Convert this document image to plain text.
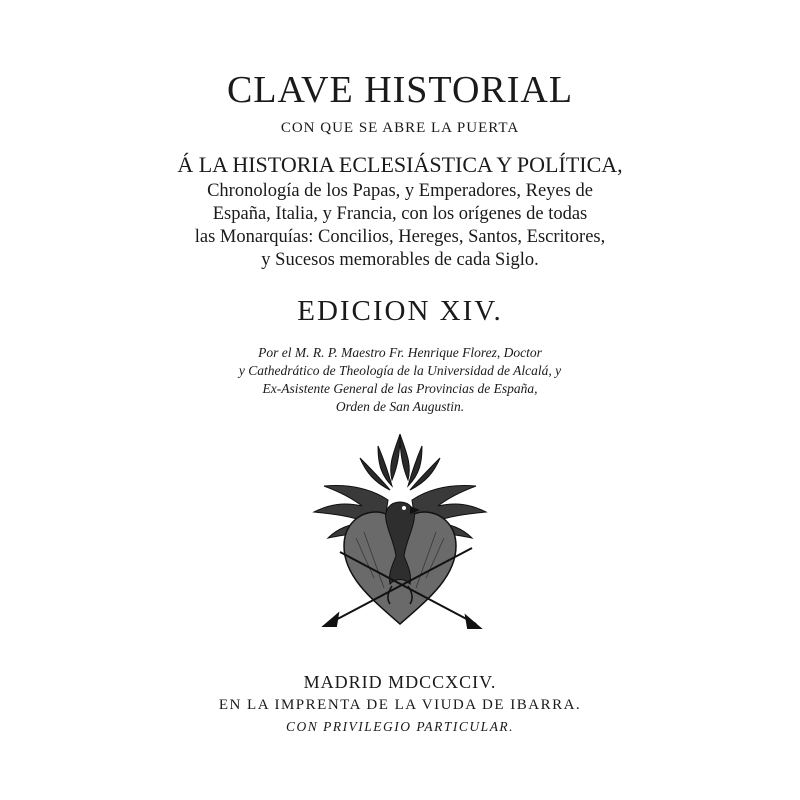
CLAVE HISTORIAL
CON QUE SE ABRE LA PUERTA
Á LA HISTORIA ECLESIÁSTICA Y POLÍTICA,
Chronología de los Papas, y Emperadores, Reyes de
España, Italia, y Francia, con los orígenes de todas
las Monarquías: Concilios, Hereges, Santos, Escritores,
y Sucesos memorables de cada Siglo.
EDICION XIV.
Por el M. R. P. Maestro Fr. Henrique Florez, Doctor
y Cathedrático de Theología de la Universidad de Alcalá, y
Ex-Asistente General de las Provincias de España,
Orden de San Augustin.
MADRID MDCCXCIV.
EN LA IMPRENTA DE LA VIUDA DE IBARRA.
CON PRIVILEGIO PARTICULAR.
